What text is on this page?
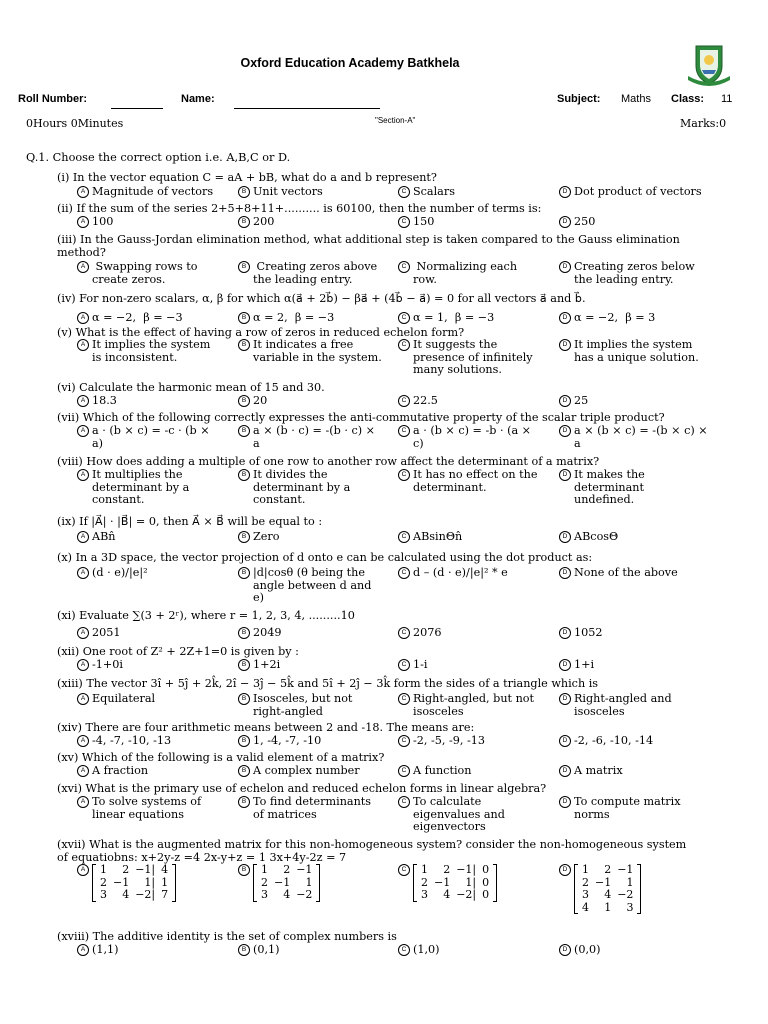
Oxford Education Academy Batkhela
Roll Number:	Name:	Subject: Maths Class: 11
0Hours 0Minutes	"Section-A"	Marks:0
Q.1. Choose the correct option i.e. A,B,C or D.
(i) In the vector equation C = aA + bB, what do a and b represent?
A Magnitude of vectors	B Unit vectors	C Scalars	D Dot product of vectors
(ii) If the sum of the series 2+5+8+11+.......... is 60100, then the number of terms is:
A 100	B 200	C 150	D 250
(iii) In the Gauss-Jordan elimination method, what additional step is taken compared to the Gauss elimination
method?
A Swapping rows to
create zeros.
B Creating zeros above
the leading entry.
C Normalizing each
row.
D Creating zeros below
the leading entry.
(iv) For non-zero scalars, α, β for which α(a⃗ + 2b⃗) − βa⃗ + (4b⃗ − a⃗) = 0 for all vectors a⃗ and b⃗.
A α = −2,  β = −3	B α = 2,  β = −3	C α = 1,  β = −3	D α = −2,  β = 3
(v) What is the effect of having a row of zeros in reduced echelon form?
A It implies the system
is inconsistent.
B It indicates a free
variable in the system.
C It suggests the
presence of infinitely
many solutions.
D It implies the system
has a unique solution.
(vi) Calculate the harmonic mean of 15 and 30.
A 18.3	B 20	C 22.5	D 25
(vii) Which of the following correctly expresses the anti-commutative property of the scalar triple product?
A a · (b × c) = -c · (b ×
a)
B a × (b · c) = -(b · c) ×
a
C a · (b × c) = -b · (a ×
c)
D a × (b × c) = -(b × c) ×
a
(viii) How does adding a multiple of one row to another row affect the determinant of a matrix?
A It multiplies the
determinant by a
constant.
B It divides the
determinant by a
constant.
C It has no effect on the
determinant.
D It makes the
determinant
undefined.
(ix) If |A⃗| · |B⃗| = 0, then A⃗ × B⃗ will be equal to :
A ABn̂	B Zero	C ABsinΘn̂	D ABcosΘ
(x) In a 3D space, the vector projection of d onto e can be calculated using the dot product as:
A (d · e)/|e|²	B |d|cosθ (θ being the
angle between d and
e)
C d – (d · e)/|e|² * e	D None of the above
(xi) Evaluate ∑(3 + 2ʳ), where r = 1, 2, 3, 4, .........10
A 2051	B 2049	C 2076	D 1052
(xii) One root of Z² + 2Z+1=0 is given by :
A -1+0i	B 1+2i	C 1-i	D 1+i
(xiii) The vector 3î + 5ĵ + 2k̂, 2î − 3ĵ − 5k̂ and 5î + 2ĵ − 3k̂ form the sides of a triangle which is
A Equilateral	B Isosceles, but not
right-angled
C Right-angled, but not
isosceles
D Right-angled and
isosceles
(xiv) There are four arithmetic means between 2 and -18. The means are:
A -4, -7, -10, -13	B 1, -4, -7, -10	C -2, -5, -9, -13	D -2, -6, -10, -14
(xv) Which of the following is a valid element of a matrix?
A A fraction	B A complex number	C A function	D A matrix
(xvi) What is the primary use of echelon and reduced echelon forms in linear algebra?
A To solve systems of
linear equations
B To find determinants
of matrices
C To calculate
eigenvalues and
eigenvectors
D To compute matrix
norms
(xvii) What is the augmented matrix for this non-homogeneous system? consider the non-homogeneous system
of equatiobns: x+2y-z =4 2x-y+z = 1 3x+4y-2z = 7
A	1	2	−1|	4
2	−1	1|	1
3	4	−2|	7
B	1	2	−1
2	−1	1
3	4	−2
C	1	2	−1|	0
2	−1	1|	0
3	4	−2|	0
D	1	2	−1
2	−1	1
3	4	−2
4	1	3
(xviii) The additive identity is the set of complex numbers is
A (1,1)	B (0,1)	C (1,0)	D (0,0)
